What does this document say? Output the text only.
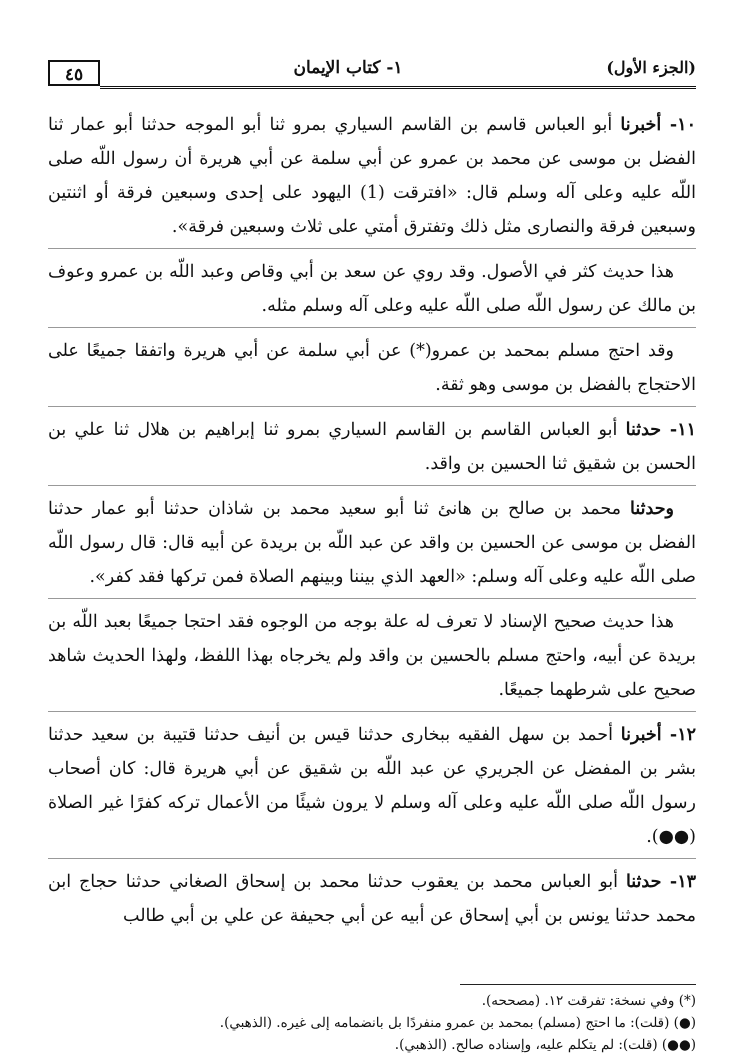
(الجزء الأول)
١- كتاب الإيمان
٤٥

١٠- أخبرنا أبو العباس قاسم بن القاسم السياري بمرو ثنا أبو الموجه حدثنا أبو عمار ثنا الفضل بن موسى عن محمد بن عمرو عن أبي سلمة عن أبي هريرة أن رسول اللّه صلى اللّه عليه وعلى آله وسلم قال: «افترقت (1) اليهود على إحدى وسبعين فرقة أو اثنتين وسبعين فرقة والنصارى مثل ذلك وتفترق أمتي على ثلاث وسبعين فرقة».

هذا حديث كثر في الأصول. وقد روي عن سعد بن أبي وقاص وعبد اللّه بن عمرو وعوف بن مالك عن رسول اللّه صلى اللّه عليه وعلى آله وسلم مثله.

وقد احتج مسلم بمحمد بن عمرو(*) عن أبي سلمة عن أبي هريرة واتفقا جميعًا على الاحتجاج بالفضل بن موسى وهو ثقة.

١١- حدثنا أبو العباس القاسم بن القاسم السياري بمرو ثنا إبراهيم بن هلال ثنا علي بن الحسن بن شقيق ثنا الحسين بن واقد.

وحدثنا محمد بن صالح بن هانئ ثنا أبو سعيد محمد بن شاذان حدثنا أبو عمار حدثنا الفضل بن موسى عن الحسين بن واقد عن عبد اللّه بن بريدة عن أبيه قال: قال رسول اللّه صلى اللّه عليه وعلى آله وسلم: «العهد الذي بيننا وبينهم الصلاة فمن تركها فقد كفر».

هذا حديث صحيح الإسناد لا تعرف له علة بوجه من الوجوه فقد احتجا جميعًا بعبد اللّه بن بريدة عن أبيه، واحتج مسلم بالحسين بن واقد ولم يخرجاه بهذا اللفظ، ولهذا الحديث شاهد صحيح على شرطهما جميعًا.

١٢- أخبرنا أحمد بن سهل الفقيه ببخارى حدثنا قيس بن أنيف حدثنا قتيبة بن سعيد حدثنا بشر بن المفضل عن الجريري عن عبد اللّه بن شقيق عن أبي هريرة قال: كان أصحاب رسول اللّه صلى اللّه عليه وعلى آله وسلم لا يرون شيئًا من الأعمال تركه كفرًا غير الصلاة (●●).

١٣- حدثنا أبو العباس محمد بن يعقوب حدثنا محمد بن إسحاق الصغاني حدثنا حجاج ابن محمد حدثنا يونس بن أبي إسحاق عن أبيه عن أبي جحيفة عن علي بن أبي طالب

(*) وفي نسخة: تفرقت ١٢. (مصححه).

(●) (قلت): ما احتج (مسلم) بمحمد بن عمرو منفردًا بل بانضمامه إلى غيره. (الذهبي).

(●●) (قلت): لم يتكلم عليه، وإسناده صالح. (الذهبي).
